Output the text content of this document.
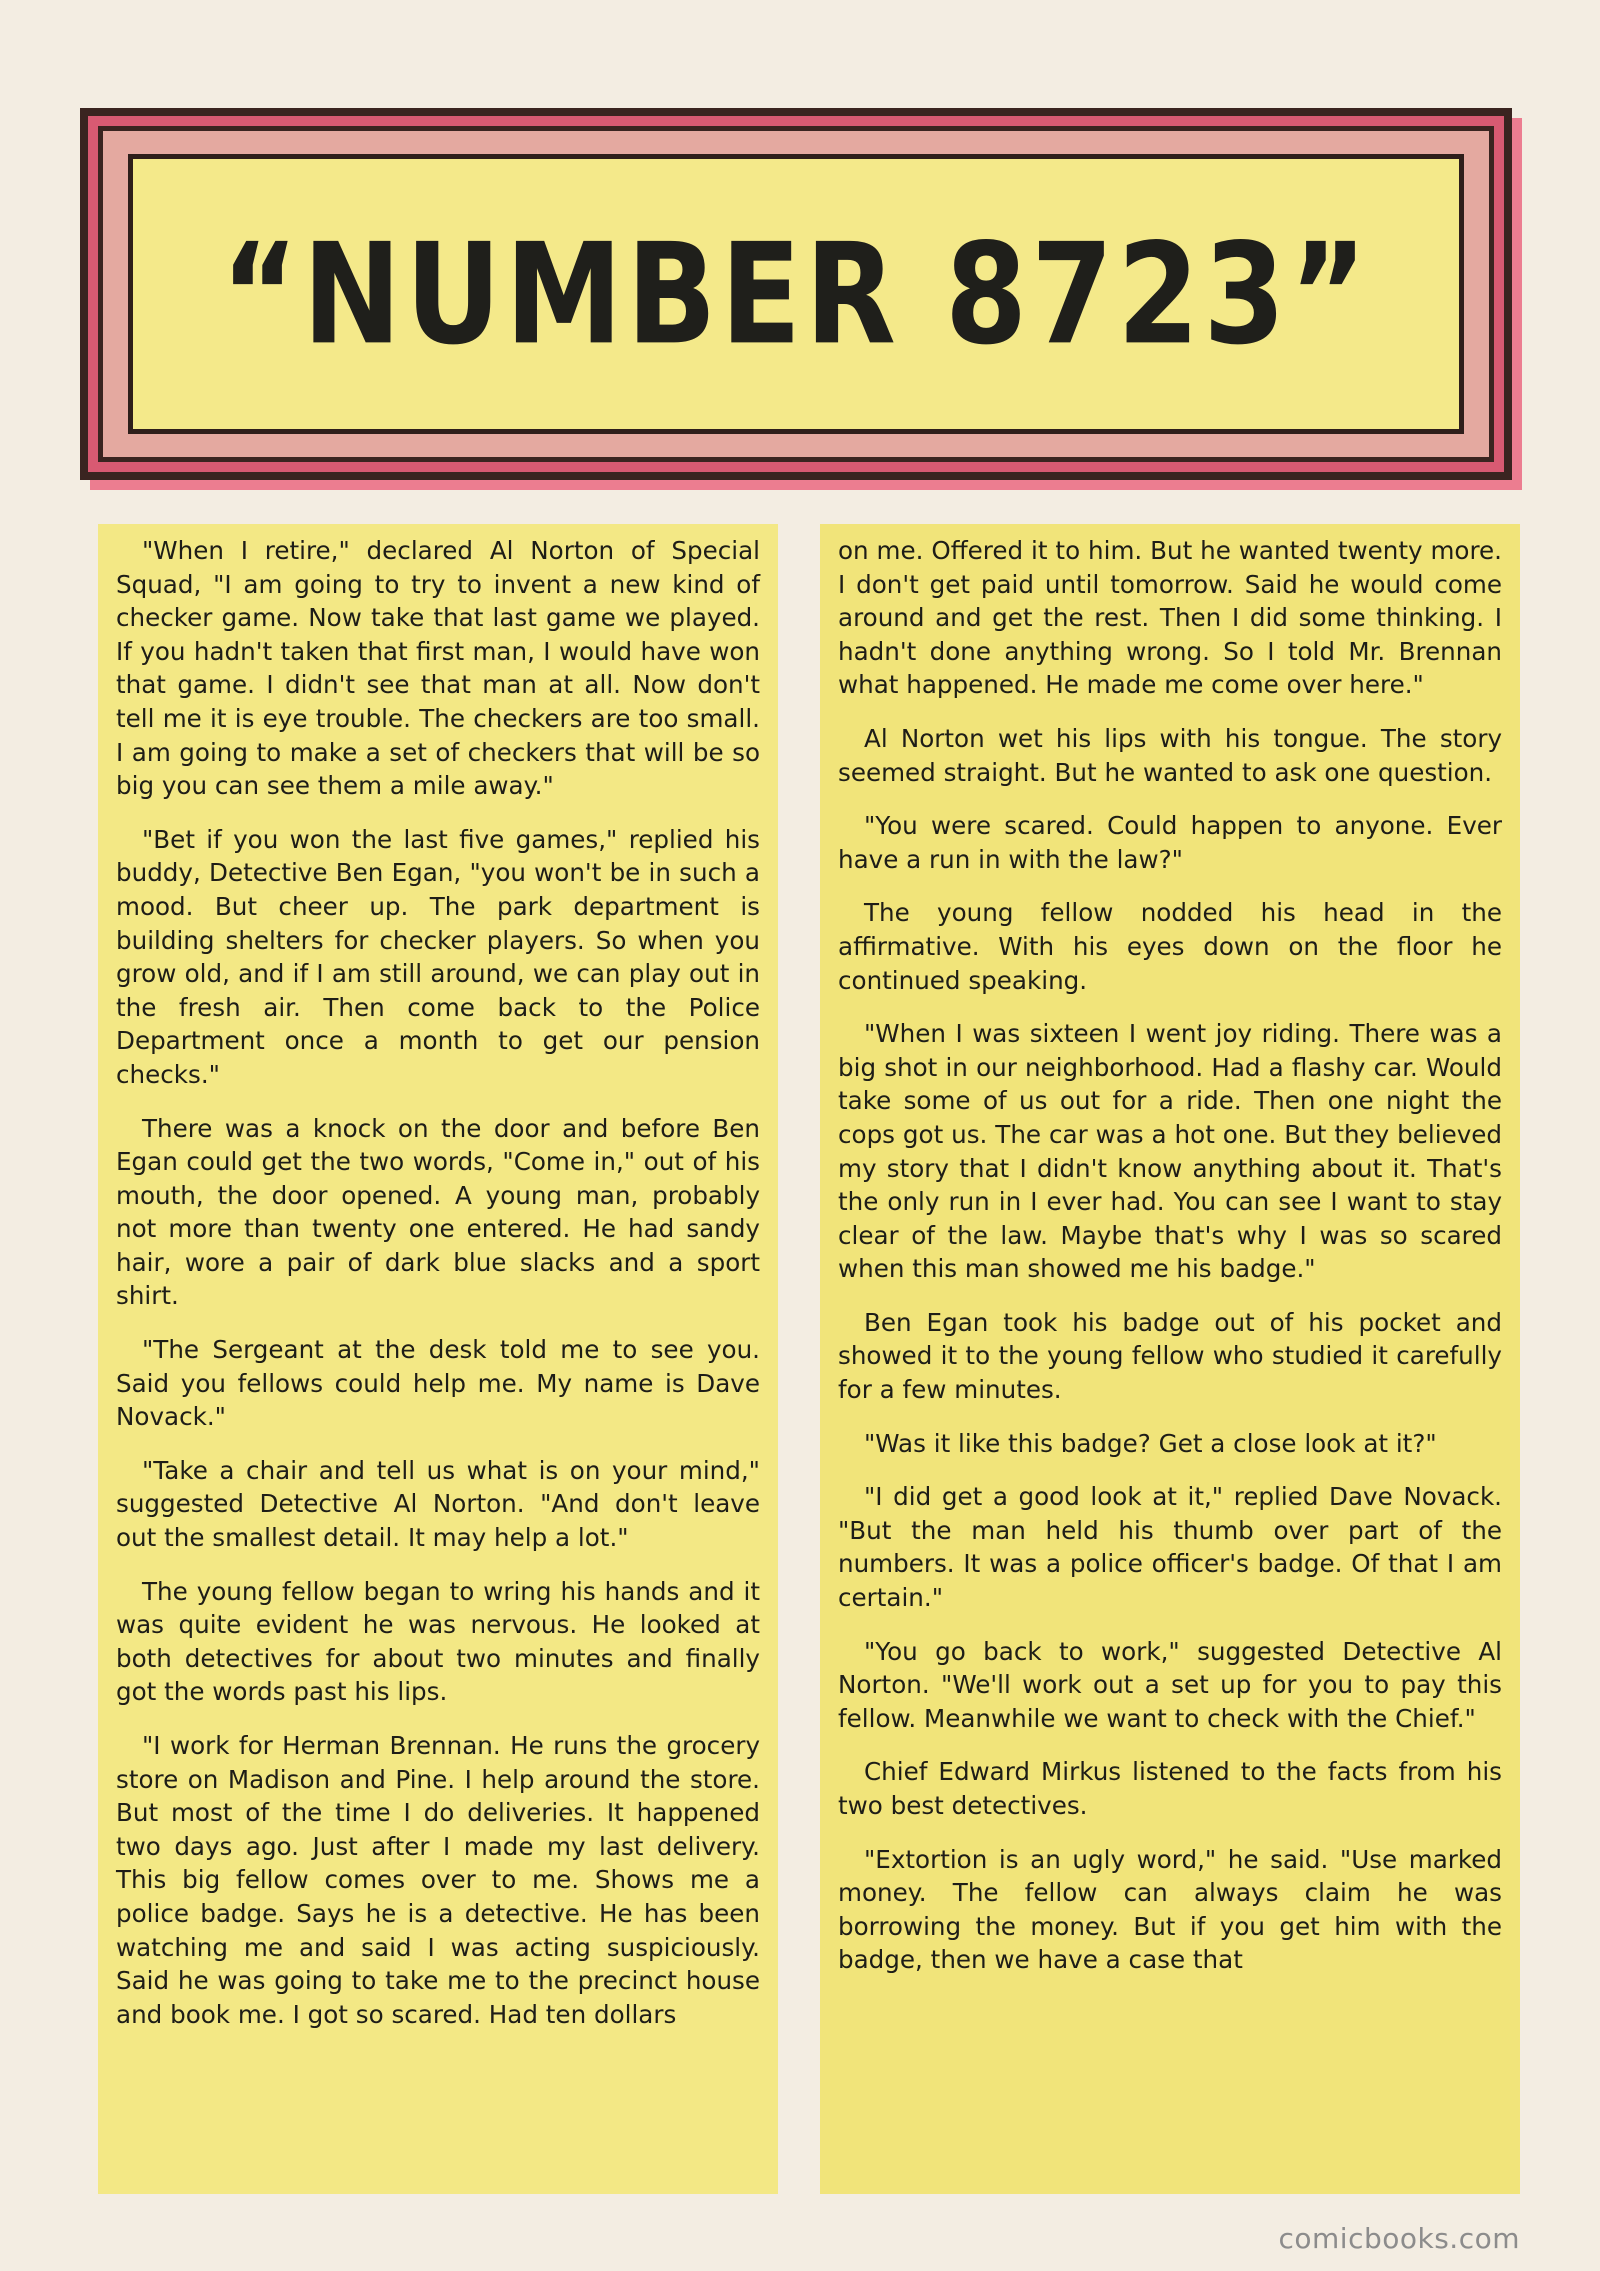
“NUMBER 8723”

"When I retire," declared Al Norton of Special Squad, "I am going to try to invent a new kind of checker game. Now take that last game we played. If you hadn't taken that first man, I would have won that game. I didn't see that man at all. Now don't tell me it is eye trouble. The checkers are too small. I am going to make a set of checkers that will be so big you can see them a mile away."

"Bet if you won the last five games," replied his buddy, Detective Ben Egan, "you won't be in such a mood. But cheer up. The park department is building shelters for checker players. So when you grow old, and if I am still around, we can play out in the fresh air. Then come back to the Police Department once a month to get our pension checks."

There was a knock on the door and before Ben Egan could get the two words, "Come in," out of his mouth, the door opened. A young man, probably not more than twenty one entered. He had sandy hair, wore a pair of dark blue slacks and a sport shirt.

"The Sergeant at the desk told me to see you. Said you fellows could help me. My name is Dave Novack."

"Take a chair and tell us what is on your mind," suggested Detective Al Norton. "And don't leave out the smallest detail. It may help a lot."

The young fellow began to wring his hands and it was quite evident he was nervous. He looked at both detectives for about two minutes and finally got the words past his lips.

"I work for Herman Brennan. He runs the grocery store on Madison and Pine. I help around the store. But most of the time I do deliveries. It happened two days ago. Just after I made my last delivery. This big fellow comes over to me. Shows me a police badge. Says he is a detective. He has been watching me and said I was acting suspiciously. Said he was going to take me to the precinct house and book me. I got so scared. Had ten dollars

on me. Offered it to him. But he wanted twenty more. I don't get paid until tomorrow. Said he would come around and get the rest. Then I did some thinking. I hadn't done anything wrong. So I told Mr. Brennan what happened. He made me come over here."

Al Norton wet his lips with his tongue. The story seemed straight. But he wanted to ask one question.

"You were scared. Could happen to anyone. Ever have a run in with the law?"

The young fellow nodded his head in the affirmative. With his eyes down on the floor he continued speaking.

"When I was sixteen I went joy riding. There was a big shot in our neighborhood. Had a flashy car. Would take some of us out for a ride. Then one night the cops got us. The car was a hot one. But they believed my story that I didn't know anything about it. That's the only run in I ever had. You can see I want to stay clear of the law. Maybe that's why I was so scared when this man showed me his badge."

Ben Egan took his badge out of his pocket and showed it to the young fellow who studied it carefully for a few minutes.

"Was it like this badge? Get a close look at it?"

"I did get a good look at it," replied Dave Novack. "But the man held his thumb over part of the numbers. It was a police officer's badge. Of that I am certain."

"You go back to work," suggested Detective Al Norton. "We'll work out a set up for you to pay this fellow. Meanwhile we want to check with the Chief."

Chief Edward Mirkus listened to the facts from his two best detectives.

"Extortion is an ugly word," he said. "Use marked money. The fellow can always claim he was borrowing the money. But if you get him with the badge, then we have a case that

comicbooks.com
